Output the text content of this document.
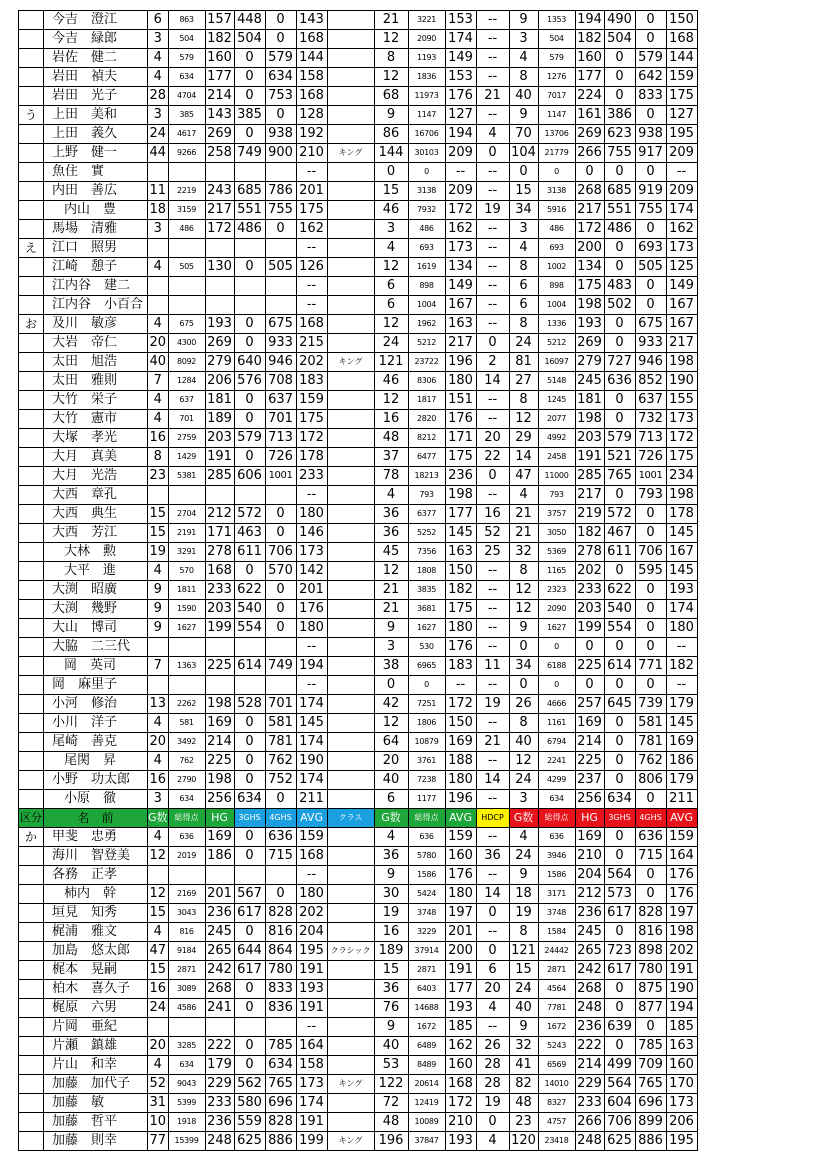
	今吉　澄江	6	863	157	448	0	143		21	3221	153	--	9	1353	194	490	0	150
	今吉　緑郎	3	504	182	504	0	168		12	2090	174	--	3	504	182	504	0	168
	岩佐　健二	4	579	160	0	579	144		8	1193	149	--	4	579	160	0	579	144
	岩田　禎夫	4	634	177	0	634	158		12	1836	153	--	8	1276	177	0	642	159
	岩田　光子	28	4704	214	0	753	168		68	11973	176	21	40	7017	224	0	833	175
う	上田　美和	3	385	143	385	0	128		9	1147	127	--	9	1147	161	386	0	127
	上田　義久	24	4617	269	0	938	192		86	16706	194	4	70	13706	269	623	938	195
	上野　健一	44	9266	258	749	900	210	キング	144	30103	209	0	104	21779	266	755	917	209
	魚住　實						--		0	0	--	--	0	0	0	0	0	--
	内田　善広	11	2219	243	685	786	201		15	3138	209	--	15	3138	268	685	919	209
	内山　豊	18	3159	217	551	755	175		46	7932	172	19	34	5916	217	551	755	174
	馬場　清雅	3	486	172	486	0	162		3	486	162	--	3	486	172	486	0	162
え	江口　照男						--		4	693	173	--	4	693	200	0	693	173
	江崎　憩子	4	505	130	0	505	126		12	1619	134	--	8	1002	134	0	505	125
	江内谷　建二						--		6	898	149	--	6	898	175	483	0	149
	江内谷　小百合						--		6	1004	167	--	6	1004	198	502	0	167
お	及川　敏彦	4	675	193	0	675	168		12	1962	163	--	8	1336	193	0	675	167
	大岩　帝仁	20	4300	269	0	933	215		24	5212	217	0	24	5212	269	0	933	217
	太田　旭浩	40	8092	279	640	946	202	キング	121	23722	196	2	81	16097	279	727	946	198
	太田　雅則	7	1284	206	576	708	183		46	8306	180	14	27	5148	245	636	852	190
	大竹　栄子	4	637	181	0	637	159		12	1817	151	--	8	1245	181	0	637	155
	大竹　憲市	4	701	189	0	701	175		16	2820	176	--	12	2077	198	0	732	173
	大塚　孝光	16	2759	203	579	713	172		48	8212	171	20	29	4992	203	579	713	172
	大月　真美	8	1429	191	0	726	178		37	6477	175	22	14	2458	191	521	726	175
	大月　光浩	23	5381	285	606	1001	233		78	18213	236	0	47	11000	285	765	1001	234
	大西　章孔						--		4	793	198	--	4	793	217	0	793	198
	大西　典生	15	2704	212	572	0	180		36	6377	177	16	21	3757	219	572	0	178
	大西　芳江	15	2191	171	463	0	146		36	5252	145	52	21	3050	182	467	0	145
	大林　勲	19	3291	278	611	706	173		45	7356	163	25	32	5369	278	611	706	167
	大平　進	4	570	168	0	570	142		12	1808	150	--	8	1165	202	0	595	145
	大渕　昭廣	9	1811	233	622	0	201		21	3835	182	--	12	2323	233	622	0	193
	大渕　幾野	9	1590	203	540	0	176		21	3681	175	--	12	2090	203	540	0	174
	大山　博司	9	1627	199	554	0	180		9	1627	180	--	9	1627	199	554	0	180
	大脇　二三代						--		3	530	176	--	0	0	0	0	0	--
	岡　英司	7	1363	225	614	749	194		38	6965	183	11	34	6188	225	614	771	182
	岡　麻里子						--		0	0	--	--	0	0	0	0	0	--
	小河　修治	13	2262	198	528	701	174		42	7251	172	19	26	4666	257	645	739	179
	小川　洋子	4	581	169	0	581	145		12	1806	150	--	8	1161	169	0	581	145
	尾崎　善克	20	3492	214	0	781	174		64	10879	169	21	40	6794	214	0	781	169
	尾関　昇	4	762	225	0	762	190		20	3761	188	--	12	2241	225	0	762	186
	小野　功太郎	16	2790	198	0	752	174		40	7238	180	14	24	4299	237	0	806	179
	小原　徹	3	634	256	634	0	211		6	1177	196	--	3	634	256	634	0	211
区分	名　前	G数	総得点	HG	3GHS	4GHS	AVG	クラス	G数	総得点	AVG	HDCP	G数	総得点	HG	3GHS	4GHS	AVG
か	甲斐　忠勇	4	636	169	0	636	159		4	636	159	--	4	636	169	0	636	159
	海川　智登美	12	2019	186	0	715	168		36	5780	160	36	24	3946	210	0	715	164
	各務　正孝						--		9	1586	176	--	9	1586	204	564	0	176
	柿内　幹	12	2169	201	567	0	180		30	5424	180	14	18	3171	212	573	0	176
	垣見　知秀	15	3043	236	617	828	202		19	3748	197	0	19	3748	236	617	828	197
	梶浦　雅文	4	816	245	0	816	204		16	3229	201	--	8	1584	245	0	816	198
	加島　悠太郎	47	9184	265	644	864	195	クラシック	189	37914	200	0	121	24442	265	723	898	202
	梶本　晃嗣	15	2871	242	617	780	191		15	2871	191	6	15	2871	242	617	780	191
	柏木　喜久子	16	3089	268	0	833	193		36	6403	177	20	24	4564	268	0	875	190
	梶原　六男	24	4586	241	0	836	191		76	14688	193	4	40	7781	248	0	877	194
	片岡　亜紀						--		9	1672	185	--	9	1672	236	639	0	185
	片瀬　鎮雄	20	3285	222	0	785	164		40	6489	162	26	32	5243	222	0	785	163
	片山　和幸	4	634	179	0	634	158		53	8489	160	28	41	6569	214	499	709	160
	加藤　加代子	52	9043	229	562	765	173	キング	122	20614	168	28	82	14010	229	564	765	170
	加藤　敏	31	5399	233	580	696	174		72	12419	172	19	48	8327	233	604	696	173
	加藤　哲平	10	1918	236	559	828	191		48	10089	210	0	23	4757	266	706	899	206
	加藤　則幸	77	15399	248	625	886	199	キング	196	37847	193	4	120	23418	248	625	886	195
